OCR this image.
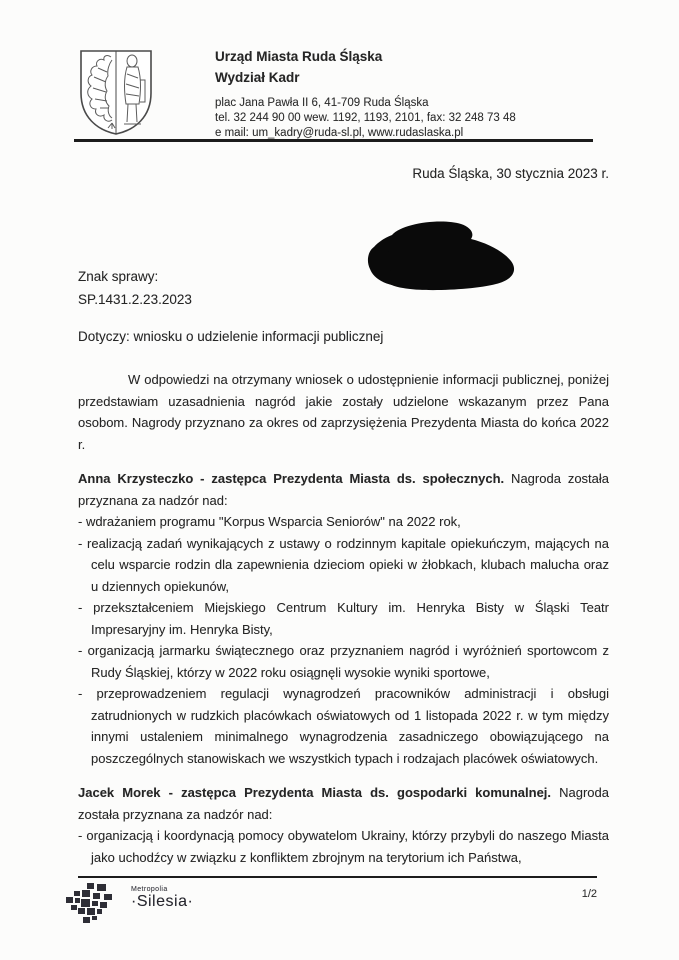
Urząd Miasta Ruda Śląska
Wydział Kadr
plac Jana Pawła II 6, 41-709 Ruda Śląska
tel. 32 244 90 00 wew. 1192, 1193, 2101, fax: 32 248 73 48
e mail: um_kadry@ruda-sl.pl, www.rudaslaska.pl
Ruda Śląska, 30 stycznia 2023 r.
Znak sprawy:
SP.1431.2.23.2023
Dotyczy: wniosku o udzielenie informacji publicznej

W odpowiedzi na otrzymany wniosek o udostępnienie informacji publicznej, poniżej przedstawiam uzasadnienia nagród jakie zostały udzielone wskazanym przez Pana osobom. Nagrody przyznano za okres od zaprzysiężenia Prezydenta Miasta do końca 2022 r.

Anna Krzysteczko - zastępca Prezydenta Miasta ds. społecznych. Nagroda została przyznana za nadzór nad:

- wdrażaniem programu "Korpus Wsparcia Seniorów" na 2022 rok,
- realizacją zadań wynikających z ustawy o rodzinnym kapitale opiekuńczym, mających na celu wsparcie rodzin dla zapewnienia dzieciom opieki w żłobkach, klubach malucha oraz u dziennych opiekunów,
- przekształceniem Miejskiego Centrum Kultury im. Henryka Bisty w Śląski Teatr Impresaryjny im. Henryka Bisty,
- organizacją jarmarku świątecznego oraz przyznaniem nagród i wyróżnień sportowcom z Rudy Śląskiej, którzy w 2022 roku osiągnęli wysokie wyniki sportowe,
- przeprowadzeniem regulacji wynagrodzeń pracowników administracji i obsługi zatrudnionych w rudzkich placówkach oświatowych od 1 listopada 2022 r. w tym między innymi ustaleniem minimalnego wynagrodzenia zasadniczego obowiązującego na poszczególnych stanowiskach we wszystkich typach i rodzajach placówek oświatowych.

Jacek Morek - zastępca Prezydenta Miasta ds. gospodarki komunalnej. Nagroda została przyznana za nadzór nad:

- organizacją i koordynacją pomocy obywatelom Ukrainy, którzy przybyli do naszego Miasta jako uchodźcy w związku z konfliktem zbrojnym na terytorium ich Państwa,
Metropolia
·Silesia·	1/2
